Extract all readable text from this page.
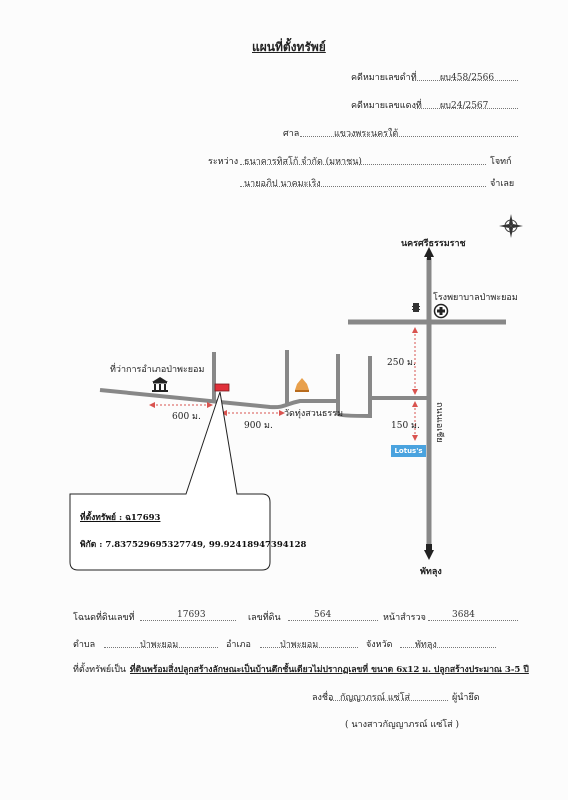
แผนที่ตั้งทรัพย์
คดีหมายเลขดำที่	ผบ458/2566
คดีหมายเลขแดงที่ ผบ24/2567
ศาล	แขวงพระนครใต้
ระหว่าง ธนาคารทิสโก้ จำกัด (มหาชน)	โจทก์
นายอภิป นาคมะเริง	จำเลย
นครศรีธรรมราช
พัทลุง
โรงพยาบาลป่าพะยอม
ที่ว่าการอำเภอป่าพะยอม
วัดทุ่งสวนธรรม	ถนนเอเชีย
Lotus's
600 ม.
900 ม.
250 ม.
150 ม.
ที่ตั้งทรัพย์ : ฉ17693
พิกัด : 7.837529695327749, 99.92418947394128
โฉนดที่ดินเลขที่	17693	เลขที่ดิน	564	หน้าสำรวจ	3684
ตำบล	ป่าพะยอม	อำเภอ	ป่าพะยอม	จังหวัด	พัทลุง
ที่ตั้งทรัพย์เป็น :
ที่ดินพร้อมสิ่งปลูกสร้างลักษณะเป็นบ้านตึกชั้นเดียวไม่ปรากฏเลขที่ ขนาด 6x12 ม. ปลูกสร้างประมาณ 3-5 ปี
ลงชื่อ กัญญาภรณ์ แซ่โส่	ผู้นำยึด
( นางสาวกัญญาภรณ์ แซ่โส่ )
